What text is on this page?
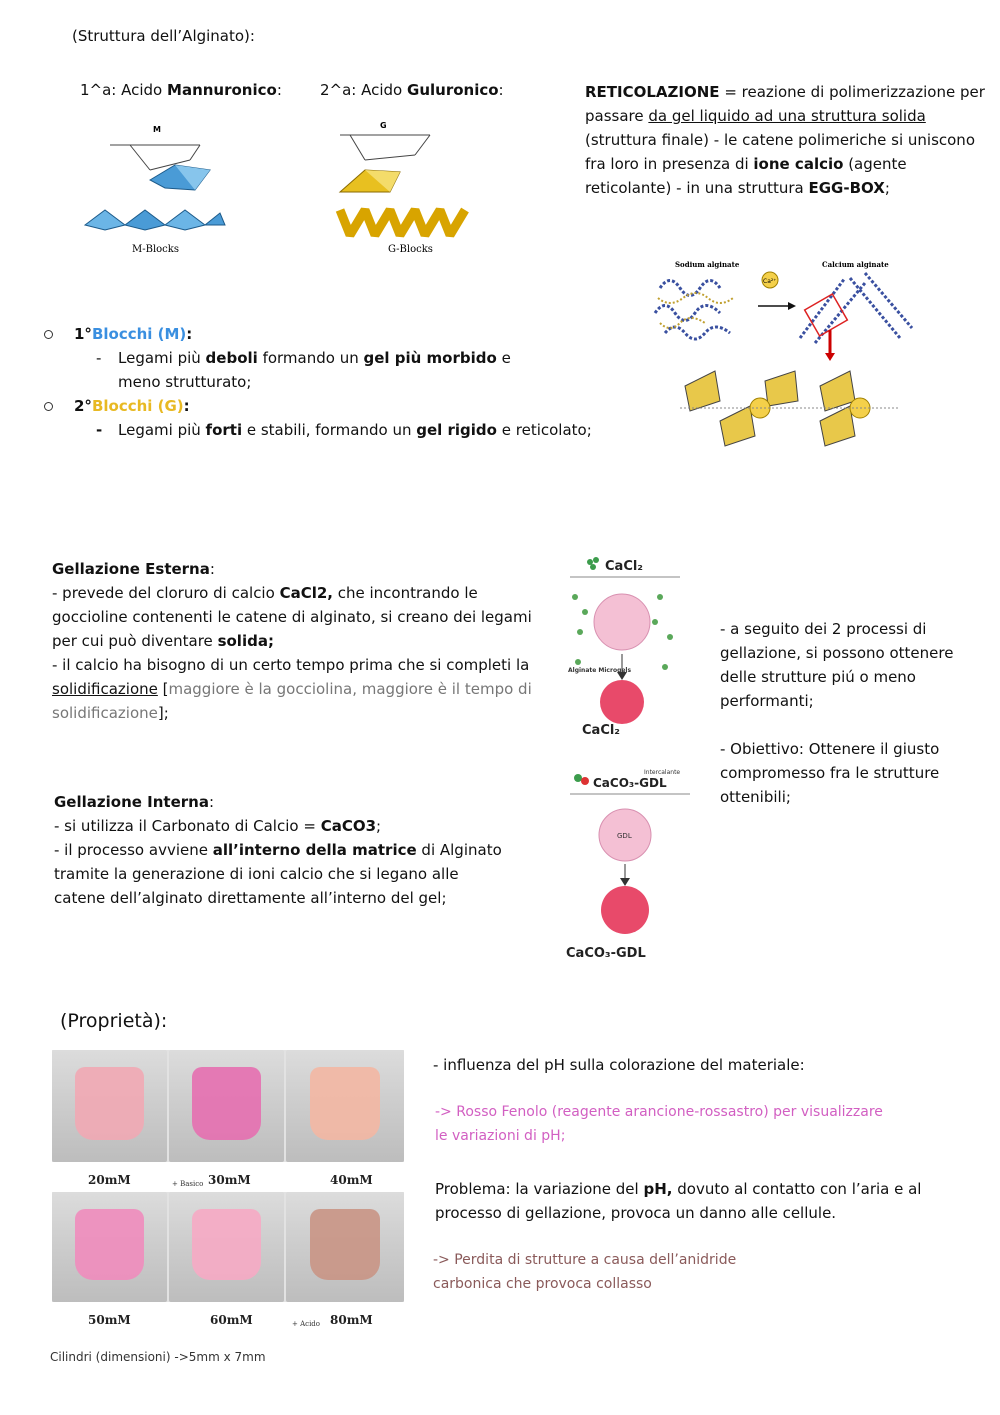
(Struttura dell’Alginato):
1^a: Acido Mannuronico:
M
M-Blocks
2^a: Acido Guluronico:
G
G-Blocks
RETICOLAZIONE = reazione di polimerizzazione per passare da gel liquido ad una struttura solida (struttura finale) - le catene polimeriche si uniscono fra loro in presenza di ione calcio (agente reticolante) - in una struttura EGG-BOX;
Sodium alginate	Calcium alginate
Ca²⁺
1°Blocchi (M):
- Legami più deboli formando un gel più morbido e meno strutturato;
2°Blocchi (G):
- Legami più forti e stabili, formando un gel rigido e reticolato;
Gellazione Esterna:
- prevede del cloruro di calcio CaCl2, che incontrando le goccioline contenenti le catene di alginato, si creano dei legami per cui può diventare solida;
- il calcio ha bisogno di un certo tempo prima che si completi la solidificazione [maggiore è la gocciolina, maggiore è il tempo di solidificazione];
Gellazione Interna:
- si utilizza il Carbonato di Calcio = CaCO3;
- il processo avviene all’interno della matrice di Alginato tramite la generazione di ioni calcio che si legano alle catene dell’alginato direttamente all’interno del gel;
CaCl₂
Alginate Microgels
CaCl₂
Intercalante
CaCO₃-GDL
GDL
CaCO₃-GDL
- a seguito dei 2 processi di gellazione, si possono ottenere delle strutture piú o meno performanti;
- Obiettivo: Ottenere il giusto compromesso fra le strutture ottenibili;
(Proprietà):
20mM	+ Basico 30mM	40mM
50mM	60mM	+ Acido 80mM
- influenza del pH sulla colorazione del materiale:
-> Rosso Fenolo (reagente arancione-rossastro) per visualizzare le variazioni di pH;
Problema: la variazione del pH, dovuto al contatto con l’aria e al processo di gellazione, provoca un danno alle cellule.
-> Perdita di strutture a causa dell’anidride carbonica che provoca collasso
Cilindri (dimensioni) ->5mm x 7mm
